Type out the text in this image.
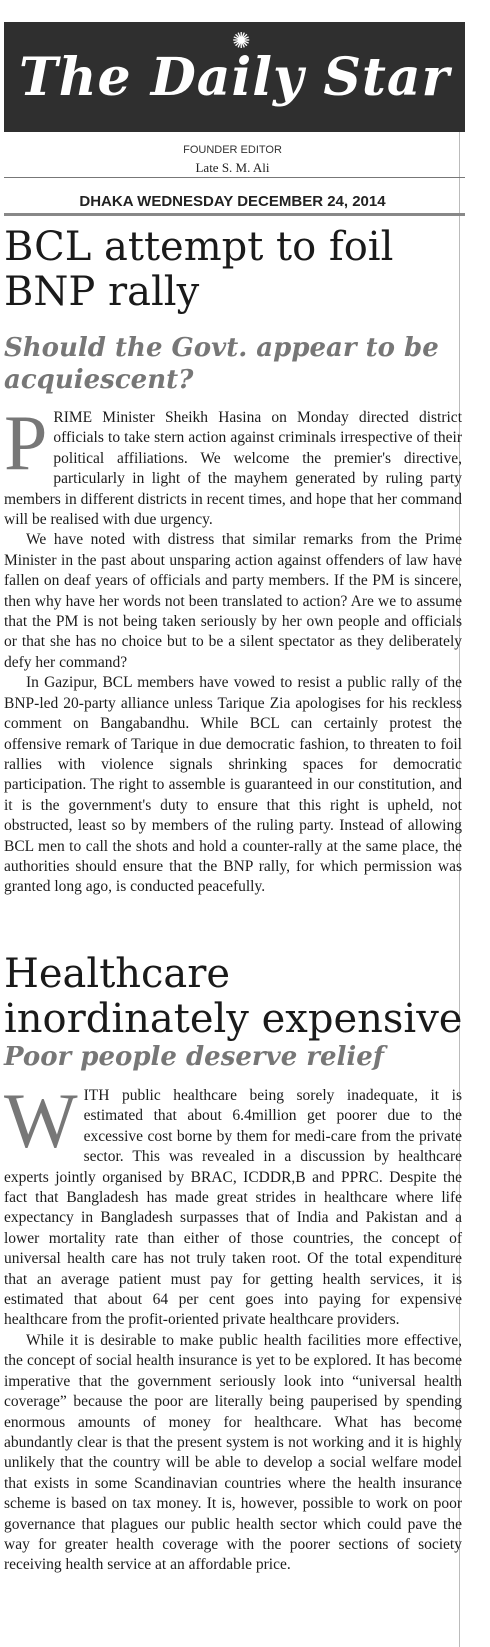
✺
The Daily Star
FOUNDER EDITOR
Late S. M. Ali
DHAKA WEDNESDAY DECEMBER 24, 2014
BCL attempt to foil BNP rally
Should the Govt. appear to be acquiescent?

PRIME Minister Sheikh Hasina on Monday directed district officials to take stern action against criminals irrespective of their political affiliations. We welcome the premier's directive, particularly in light of the mayhem generated by ruling party members in different districts in recent times, and hope that her command will be realised with due urgency.

We have noted with distress that similar remarks from the Prime Minister in the past about unsparing action against offenders of law have fallen on deaf years of officials and party members. If the PM is sincere, then why have her words not been translated to action? Are we to assume that the PM is not being taken seriously by her own people and officials or that she has no choice but to be a silent spectator as they deliberately defy her command?

In Gazipur, BCL members have vowed to resist a public rally of the BNP-led 20-party alliance unless Tarique Zia apologises for his reckless comment on Bangabandhu. While BCL can certainly protest the offensive remark of Tarique in due democratic fashion, to threaten to foil rallies with violence signals shrinking spaces for democratic participation. The right to assemble is guaranteed in our constitution, and it is the government's duty to ensure that this right is upheld, not obstructed, least so by members of the ruling party. Instead of allowing BCL men to call the shots and hold a counter-rally at the same place, the authorities should ensure that the BNP rally, for which permission was granted long ago, is conducted peacefully.

Healthcare inordinately expensive
Poor people deserve relief

WITH public healthcare being sorely inadequate, it is estimated that about 6.4million get poorer due to the excessive cost borne by them for medi-care from the private sector. This was revealed in a discussion by healthcare experts jointly organised by BRAC, ICDDR,B and PPRC. Despite the fact that Bangladesh has made great strides in healthcare where life expectancy in Bangladesh surpasses that of India and Pakistan and a lower mortality rate than either of those countries, the concept of universal health care has not truly taken root. Of the total expenditure that an average patient must pay for getting health services, it is estimated that about 64 per cent goes into paying for expensive healthcare from the profit-oriented private healthcare providers.

While it is desirable to make public health facilities more effective, the concept of social health insurance is yet to be explored. It has become imperative that the government seriously look into “universal health coverage” because the poor are literally being pauperised by spending enormous amounts of money for healthcare. What has become abundantly clear is that the present system is not working and it is highly unlikely that the country will be able to develop a social welfare model that exists in some Scandinavian countries where the health insurance scheme is based on tax money. It is, however, possible to work on poor governance that plagues our public health sector which could pave the way for greater health coverage with the poorer sections of society receiving health service at an affordable price.
